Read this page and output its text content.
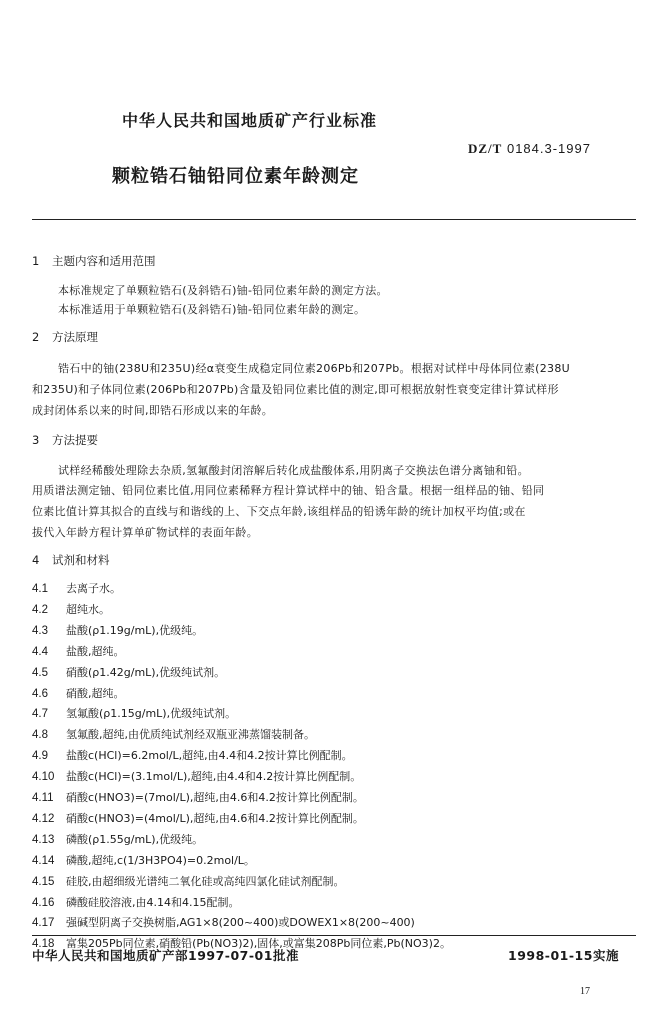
中华人民共和国地质矿产行业标准
DZ/T 0184.3-1997
颗粒锆石铀铅同位素年龄测定
1 主题内容和适用范围
本标准规定了单颗粒锆石(及斜锆石)铀-铅同位素年龄的测定方法。
本标准适用于单颗粒锆石(及斜锆石)铀-铅同位素年龄的测定。
2 方法原理
锆石中的铀(238U和235U)经α衰变生成稳定同位素206Pb和207Pb。根据对试样中母体同位素(238U
和235U)和子体同位素(206Pb和207Pb)含量及铅同位素比值的测定,即可根据放射性衰变定律计算试样形
成封闭体系以来的时间,即锆石形成以来的年龄。
3 方法提要
试样经稀酸处理除去杂质,氢氟酸封闭溶解后转化成盐酸体系,用阴离子交换法色谱分离铀和铅。
用质谱法测定铀、铅同位素比值,用同位素稀释方程计算试样中的铀、铅含量。根据一组样品的铀、铅同
位素比值计算其拟合的直线与和谐线的上、下交点年龄,该组样品的铅诱年龄的统计加权平均值;或在
拔代入年龄方程计算单矿物试样的表面年龄。
4 试剂和材料
4.1 去离子水。
4.2 超纯水。
4.3 盐酸(ρ1.19g/mL),优级纯。
4.4 盐酸,超纯。
4.5 硝酸(ρ1.42g/mL),优级纯试剂。
4.6 硝酸,超纯。
4.7 氢氟酸(ρ1.15g/mL),优级纯试剂。
4.8 氢氟酸,超纯,由优质纯试剂经双瓶亚沸蒸馏装制备。
4.9 盐酸c(HCl)=6.2mol/L,超纯,由4.4和4.2按计算比例配制。
4.10 盐酸c(HCl)=(3.1mol/L),超纯,由4.4和4.2按计算比例配制。
4.11 硝酸c(HNO3)=(7mol/L),超纯,由4.6和4.2按计算比例配制。
4.12 硝酸c(HNO3)=(4mol/L),超纯,由4.6和4.2按计算比例配制。
4.13 磷酸(ρ1.55g/mL),优级纯。
4.14 磷酸,超纯,c(1/3H3PO4)=0.2mol/L。
4.15 硅胶,由超细级光谱纯二氧化硅或高纯四氯化硅试剂配制。
4.16 磷酸硅胶溶液,由4.14和4.15配制。
4.17 强碱型阴离子交换树脂,AG1×8(200~400)或DOWEX1×8(200~400)
4.18 富集205Pb同位素,硝酸铅(Pb(NO3)2),固体,或富集208Pb同位素,Pb(NO3)2。
中华人民共和国地质矿产部1997-07-01批准	1998-01-15实施
17
